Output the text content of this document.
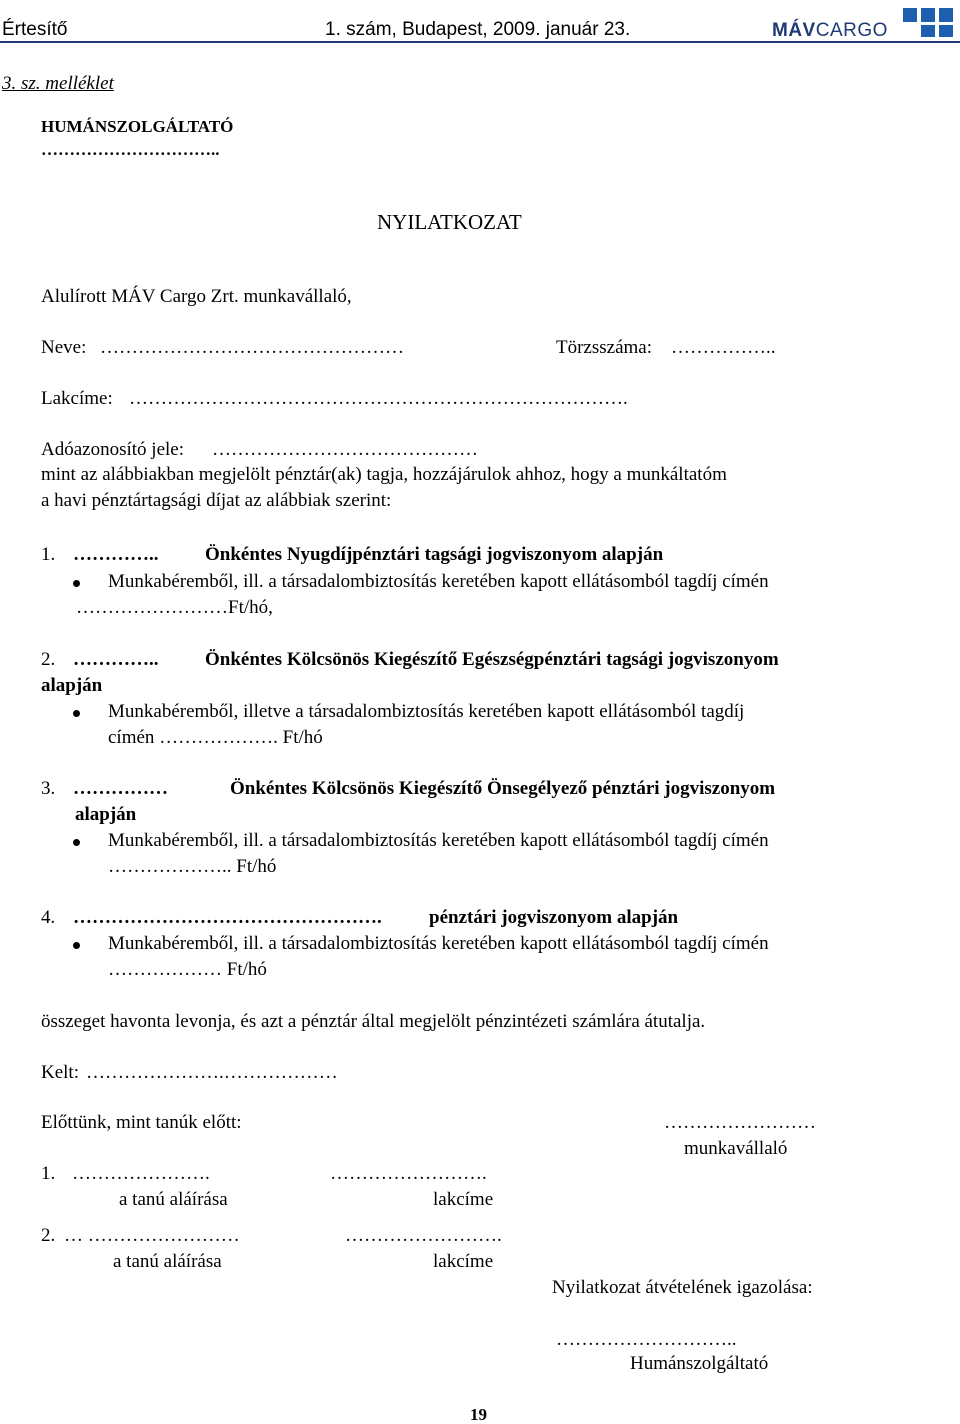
Értesítő	1. szám, Budapest, 2009. január 23.	MÁVCARGO
3. sz. melléklet
HUMÁNSZOLGÁLTATÓ
…………………………..
NYILATKOZAT
Alulírott MÁV Cargo Zrt. munkavállaló,
Neve: …………………………………………	Törzsszáma: ……………..
Lakcíme: …………………………………………………………………….
Adóazonosító jele: ……………………………………
mint az alábbiakban megjelölt pénztár(ak) tagja, hozzájárulok ahhoz, hogy a munkáltatóm
a havi pénztártagsági díjat az alábbiak szerint:
1. ………….. Önkéntes Nyugdíjpénztári tagsági jogviszonyom alapján
Munkabéremből, ill. a társadalombiztosítás keretében kapott ellátásomból tagdíj címén
……………………Ft/hó,
2. ………….. Önkéntes Kölcsönös Kiegészítő Egészségpénztári tagsági jogviszonyom
alapján
Munkabéremből, illetve a társadalombiztosítás keretében kapott ellátásomból tagdíj
címén ………………. Ft/hó
3. ……………	Önkéntes Kölcsönös Kiegészítő Önsegélyező pénztári jogviszonyom
alapján
Munkabéremből, ill. a társadalombiztosítás keretében kapott ellátásomból tagdíj címén
……………….. Ft/hó
4. …………………………………………. pénztári jogviszonyom alapján
Munkabéremből, ill. a társadalombiztosítás keretében kapott ellátásomból tagdíj címén
……………… Ft/hó
összeget havonta levonja, és azt a pénztár által megjelölt pénzintézeti számlára átutalja.
Kelt: ………………….………………
Előttünk, mint tanúk előtt:	……………………
munkavállaló
1. ………………….	…………………….
a tanú aláírása	lakcíme
2. … ……………………	…………………….
a tanú aláírása	lakcíme
Nyilatkozat átvételének igazolása:
………………………..
Humánszolgáltató
19
